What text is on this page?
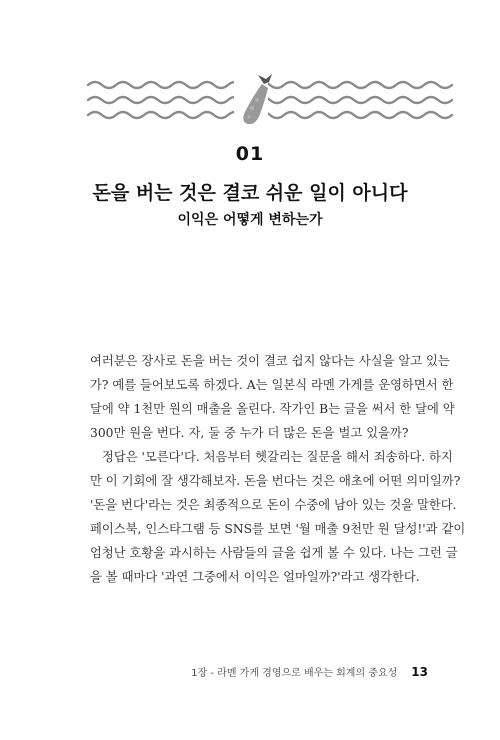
01
돈을 버는 것은 결코 쉬운 일이 아니다
이익은 어떻게 변하는가
여러분은 장사로 돈을 버는 것이 결코 쉽지 않다는 사실을 알고 있는
가? 예를 들어보도록 하겠다. A는 일본식 라멘 가게를 운영하면서 한
달에 약 1천만 원의 매출을 올린다. 작가인 B는 글을 써서 한 달에 약
300만 원을 번다. 자, 둘 중 누가 더 많은 돈을 벌고 있을까?
정답은 '모른다'다. 처음부터 헷갈리는 질문을 해서 죄송하다. 하지
만 이 기회에 잘 생각해보자. 돈을 번다는 것은 애초에 어떤 의미일까?
'돈을 번다'라는 것은 최종적으로 돈이 수중에 남아 있는 것을 말한다.
페이스북, 인스타그램 등 SNS를 보면 '월 매출 9천만 원 달성!'과 같이
엄청난 호황을 과시하는 사람들의 글을 쉽게 볼 수 있다. 나는 그런 글
을 볼 때마다 '과연 그중에서 이익은 얼마일까?'라고 생각한다.
1장 - 라멘 가게 경영으로 배우는 회계의 중요성 13
